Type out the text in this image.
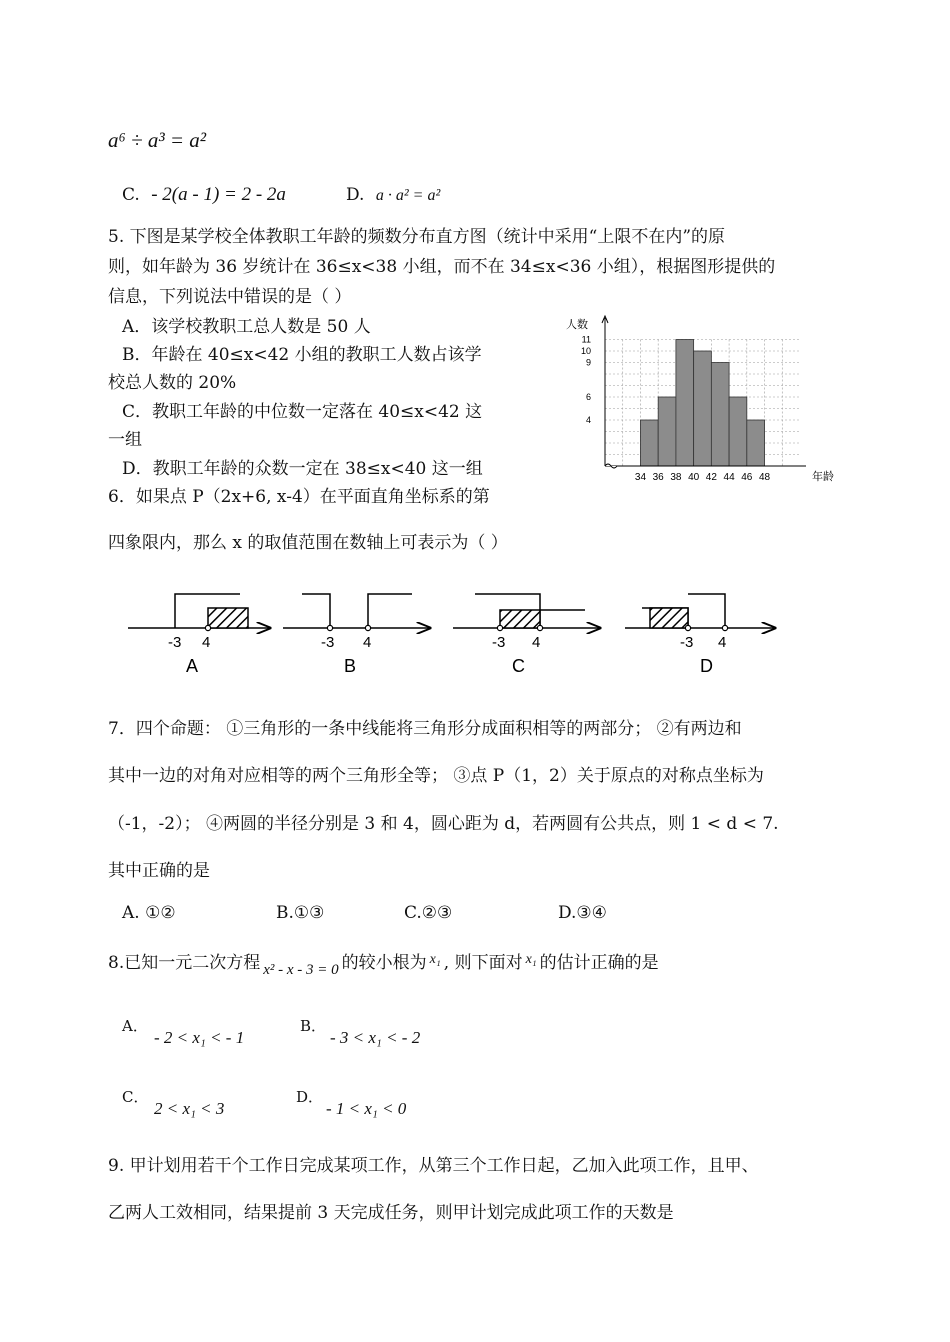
a⁶ ÷ a³ = a²
C. - 2(a - 1) = 2 - 2a	D. a · a² = a²
5. 下图是某学校全体教职工年龄的频数分布直方图（统计中采用“上限不在内”的原
则，如年龄为 36 岁统计在 36≤x<38 小组，而不在 34≤x<36 小组），根据图形提供的
信息，下列说法中错误的是（ ）
A．该学校教职工总人数是 50 人
B．年龄在 40≤x<42 小组的教职工人数占该学
校总人数的 20%
C．教职工年龄的中位数一定落在 40≤x<42 这
一组
D．教职工年龄的众数一定在 38≤x<40 这一组
4
6
9
10
11
34 36 38 40 42 44 46 48
人数
年龄
6．如果点 P（2x+6, x-4）在平面直角坐标系的第
四象限内，那么 x 的取值范围在数轴上可表示为（ ）
-3 4
A
-3 4
B
-3 4
C
-3 4
D
7．四个命题： ①三角形的一条中线能将三角形分成面积相等的两部分； ②有两边和
其中一边的对角对应相等的两个三角形全等； ③点 P（1，2）关于原点的对称点坐标为
（-1，-2）； ④两圆的半径分别是 3 和 4，圆心距为 d，若两圆有公共点，则 1 < d < 7.
其中正确的是
A. ①②	B.①③	C.②③	D.③④
8.已知一元二次方程 x² - x - 3 = 0 的较小根为 $^{x_1}$ , 则下面对 $^{x_1}$ 的估计正确的是
A．
- 2 < x₁ < - 1
B．
- 3 < x₁ < - 2
C．
2 < x₁ < 3
D．
- 1 < x₁ < 0
9. 甲计划用若干个工作日完成某项工作，从第三个工作日起，乙加入此项工作，且甲、
乙两人工效相同，结果提前 3 天完成任务，则甲计划完成此项工作的天数是
